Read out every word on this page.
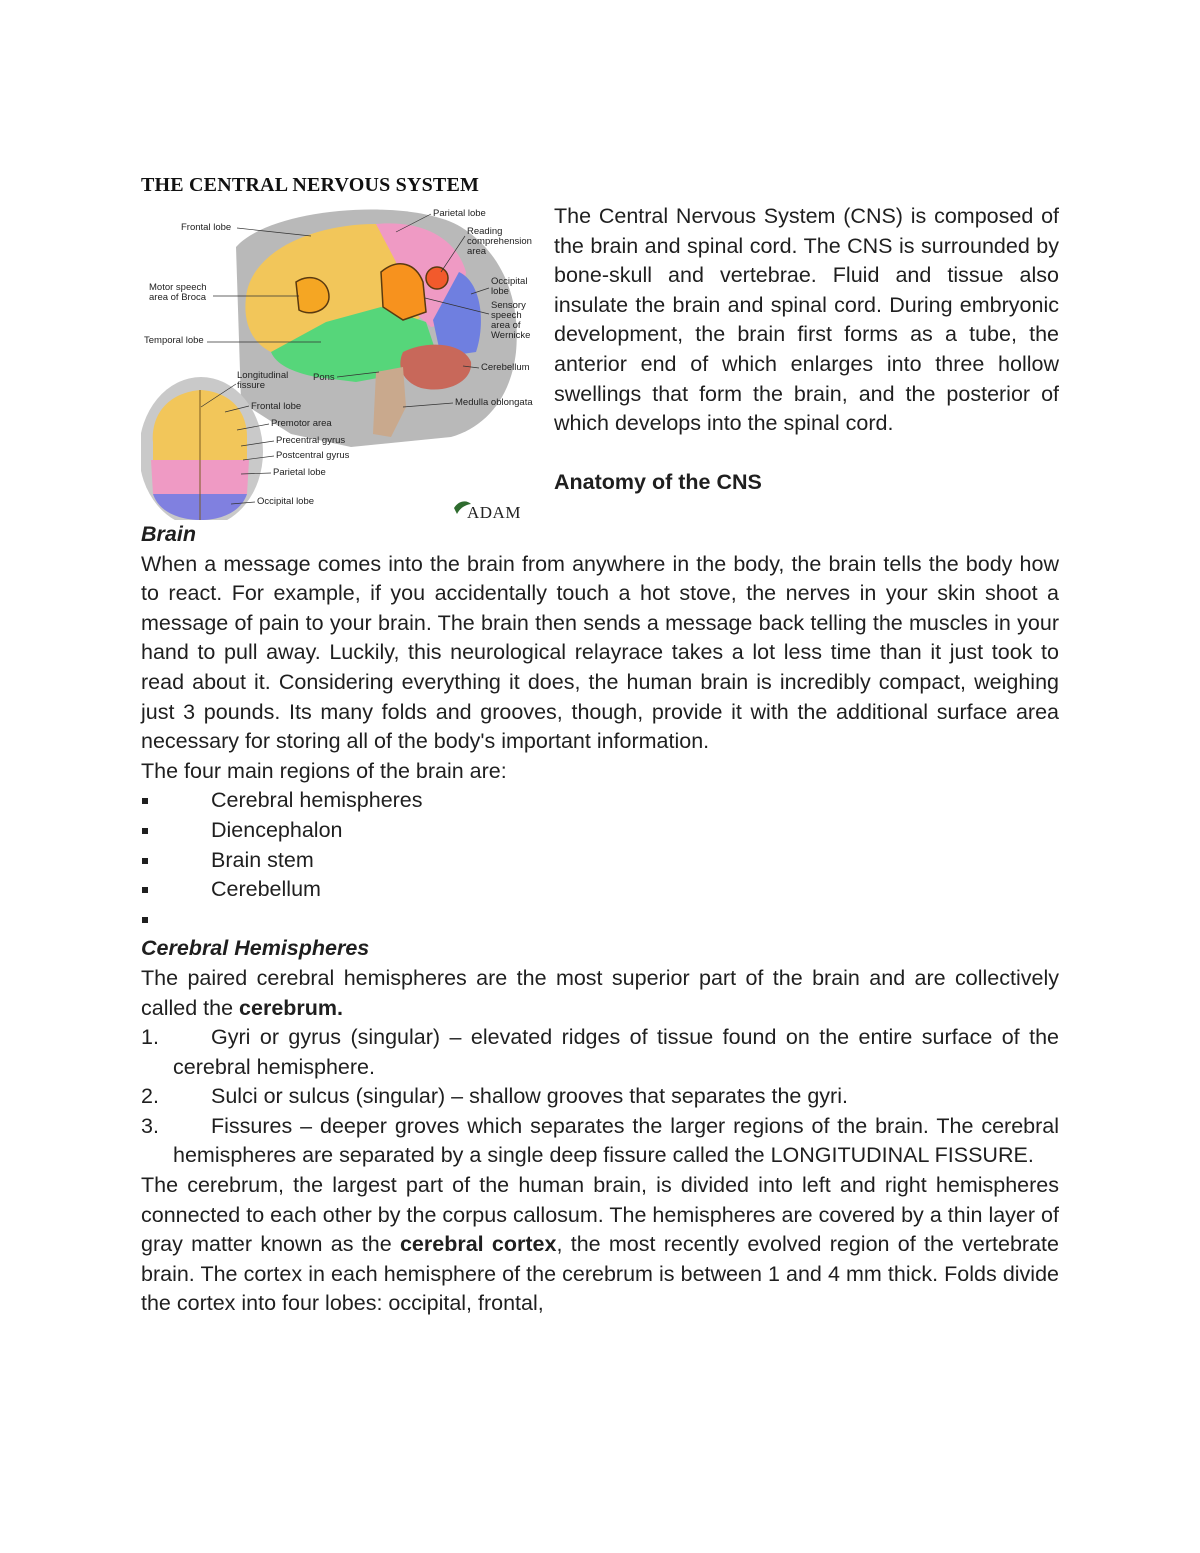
THE CENTRAL NERVOUS SYSTEM
Frontal lobe
Parietal lobe
Reading
comprehension
area
Occipital
lobe
Motor speech
area of Broca
Sensory
speech
area of
Wernicke
Temporal lobe
Cerebellum
Longitudinal
fissure
Pons
Medulla oblongata
Frontal lobe
Premotor area
Precentral gyrus
Postcentral gyrus
Parietal lobe
Occipital lobe
ADAM

The Central Nervous System (CNS) is composed of the brain and spinal cord. The CNS is surrounded by bone-skull and vertebrae. Fluid and tissue also insulate the brain and spinal cord. During embryonic development, the brain first forms as a tube, the anterior end of which enlarges into three hollow swellings that form the brain, and the posterior of which develops into the spinal cord.

Anatomy of the CNS

Brain

When a message comes into the brain from anywhere in the body, the brain tells the body how to react. For example, if you accidentally touch a hot stove, the nerves in your skin shoot a message of pain to your brain. The brain then sends a message back telling the muscles in your hand to pull away. Luckily, this neurological relayrace takes a lot less time than it just took to read about it. Considering everything it does, the human brain is incredibly compact, weighing just 3 pounds. Its many folds and grooves, though, provide it with the additional surface area necessary for storing all of the body's important information.

The four main regions of the brain are:

Cerebral hemispheres
Diencephalon
Brain stem
Cerebellum

Cerebral Hemispheres

The paired cerebral hemispheres are the most superior part of the brain and are collectively called the cerebrum.

1. Gyri or gyrus (singular) – elevated ridges of tissue found on the entire surface of the cerebral hemisphere.
2. Sulci or sulcus (singular) – shallow grooves that separates the gyri.
3. Fissures – deeper groves which separates the larger regions of the brain. The cerebral hemispheres are separated by a single deep fissure called the LONGITUDINAL FISSURE.

The cerebrum, the largest part of the human brain, is divided into left and right hemispheres connected to each other by the corpus callosum. The hemispheres are covered by a thin layer of gray matter known as the cerebral cortex, the most recently evolved region of the vertebrate brain. The cortex in each hemisphere of the cerebrum is between 1 and 4 mm thick. Folds divide the cortex into four lobes: occipital, frontal,
